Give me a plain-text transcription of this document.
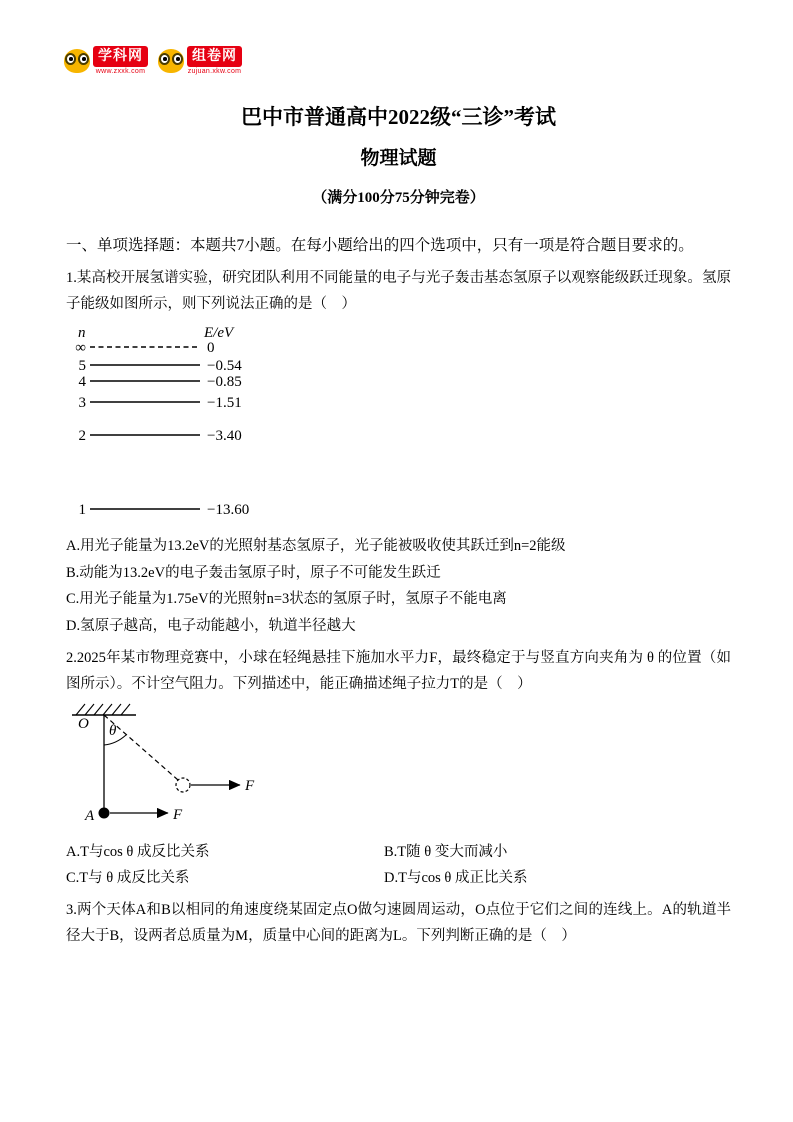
学科网
www.zxxk.com
组卷网
zujuan.xkw.com
巴中市普通高中2022级“三诊”考试
物理试题

（满分100分75分钟完卷）

一、单项选择题：本题共7小题。在每小题给出的四个选项中，只有一项是符合题目要求的。

1.某高校开展氢谱实验，研究团队利用不同能量的电子与光子轰击基态氢原子以观察能级跃迁现象。氢原子能级如图所示，则下列说法正确的是（　）

n	E/eV
∞	0
5	−0.54
4	−0.85
3	−1.51
2	−3.40
1	−13.60

A.用光子能量为13.2eV的光照射基态氢原子，光子能被吸收使其跃迁到n=2能级

B.动能为13.2eV的电子轰击氢原子时，原子不可能发生跃迁

C.用光子能量为1.75eV的光照射n=3状态的氢原子时，氢原子不能电离

D.氢原子越高，电子动能越小，轨道半径越大

2.2025年某市物理竞赛中，小球在轻绳悬挂下施加水平力F，最终稳定于与竖直方向夹角为 θ 的位置（如图所示）。不计空气阻力。下列描述中，能正确描述绳子拉力T的是（　）

O θ
F
A	F
A.T与cos θ 成反比关系	B.T随 θ 变大而减小
C.T与 θ 成反比关系	D.T与cos θ 成正比关系

3.两个天体A和B以相同的角速度绕某固定点O做匀速圆周运动，O点位于它们之间的连线上。A的轨道半径大于B，设两者总质量为M，质量中心间的距离为L。下列判断正确的是（　）
